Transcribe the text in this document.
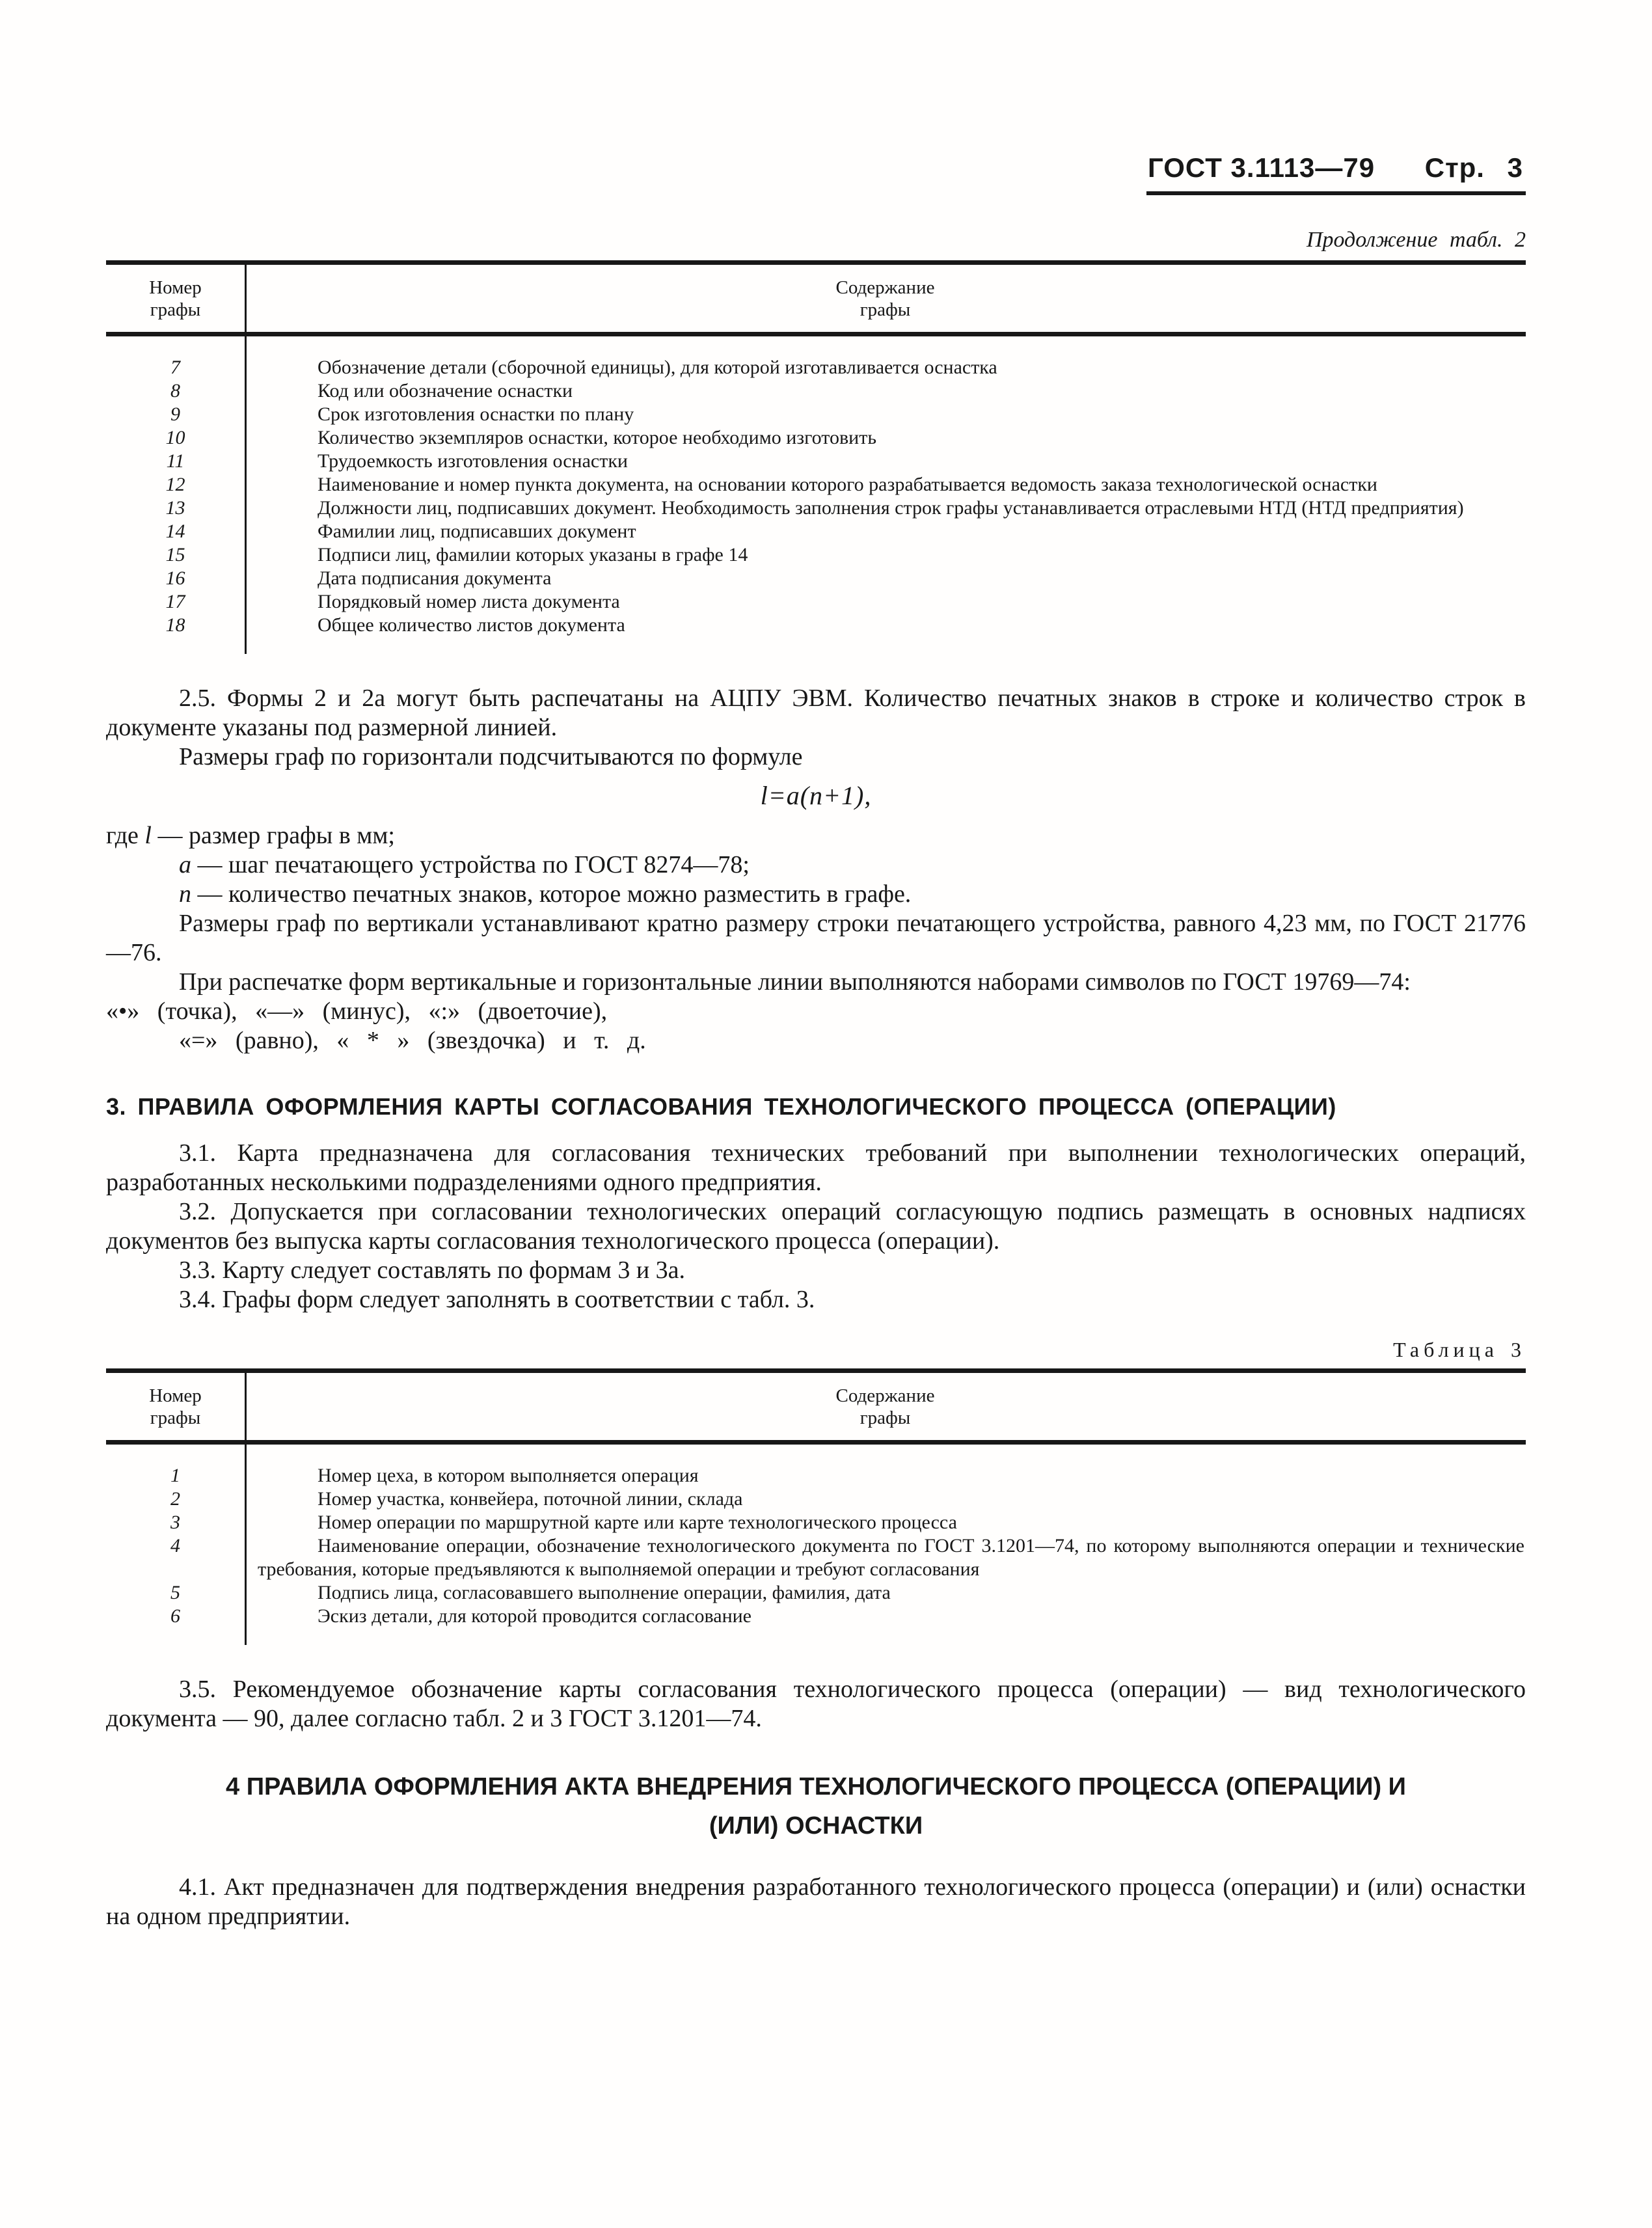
ГОСТ 3.1113—79 Стр. 3
Продолжение табл. 2
Номер
графы
Содержание
графы
7	Обозначение детали (сборочной единицы), для которой изготавливается оснастка
8	Код или обозначение оснастки
9	Срок изготовления оснастки по плану
10	Количество экземпляров оснастки, которое необходимо изготовить
11	Трудоемкость изготовления оснастки
12	Наименование и номер пункта документа, на основании которого разрабатывается ведомость заказа технологической оснастки
13	Должности лиц, подписавших документ. Необходимость заполнения строк графы устанавливается отраслевыми НТД (НТД предприятия)
14	Фамилии лиц, подписавших документ
15	Подписи лиц, фамилии которых указаны в графе 14
16	Дата подписания документа
17	Порядковый номер листа документа
18	Общее количество листов документа

2.5. Формы 2 и 2а могут быть распечатаны на АЦПУ ЭВМ. Количество печатных знаков в строке и количество строк в документе указаны под размерной линией.

Размеры граф по горизонтали подсчитываются по формуле

l=a(n+1),
где l — размер графы в мм;
a — шаг печатающего устройства по ГОСТ 8274—78;
n — количество печатных знаков, которое можно разместить в графе.

Размеры граф по вертикали устанавливают кратно размеру строки печатающего устройства, равного 4,23 мм, по ГОСТ 21776—76.

При распечатке форм вертикальные и горизонтальные линии выполняются наборами символов по ГОСТ 19769—74:

«•» (точка), «—» (минус), «:» (двоеточие),

«=» (равно), « * » (звездочка) и т. д.

3. ПРАВИЛА ОФОРМЛЕНИЯ КАРТЫ СОГЛАСОВАНИЯ ТЕХНОЛОГИЧЕСКОГО ПРОЦЕССА (ОПЕРАЦИИ)

3.1. Карта предназначена для согласования технических требований при выполнении технологических операций, разработанных несколькими подразделениями одного предприятия.

3.2. Допускается при согласовании технологических операций согласующую подпись размещать в основных надписях документов без выпуска карты согласования технологического процесса (операции).

3.3. Карту следует составлять по формам 3 и 3а.

3.4. Графы форм следует заполнять в соответствии с табл. 3.

Таблица 3
Номер
графы
Содержание
графы
1	Номер цеха, в котором выполняется операция
2	Номер участка, конвейера, поточной линии, склада
3	Номер операции по маршрутной карте или карте технологического процесса
4	Наименование операции, обозначение технологического документа по ГОСТ 3.1201—74, по которому выполняются операции и технические требования, которые предъявляются к выполняемой операции и требуют согласования
5	Подпись лица, согласовавшего выполнение операции, фамилия, дата
6	Эскиз детали, для которой проводится согласование

3.5. Рекомендуемое обозначение карты согласования технологического процесса (операции) — вид технологического документа — 90, далее согласно табл. 2 и 3 ГОСТ 3.1201—74.

4 ПРАВИЛА ОФОРМЛЕНИЯ АКТА ВНЕДРЕНИЯ ТЕХНОЛОГИЧЕСКОГО ПРОЦЕССА (ОПЕРАЦИИ) И
(ИЛИ) ОСНАСТКИ

4.1. Акт предназначен для подтверждения внедрения разработанного технологического процесса (операции) и (или) оснастки на одном предприятии.
